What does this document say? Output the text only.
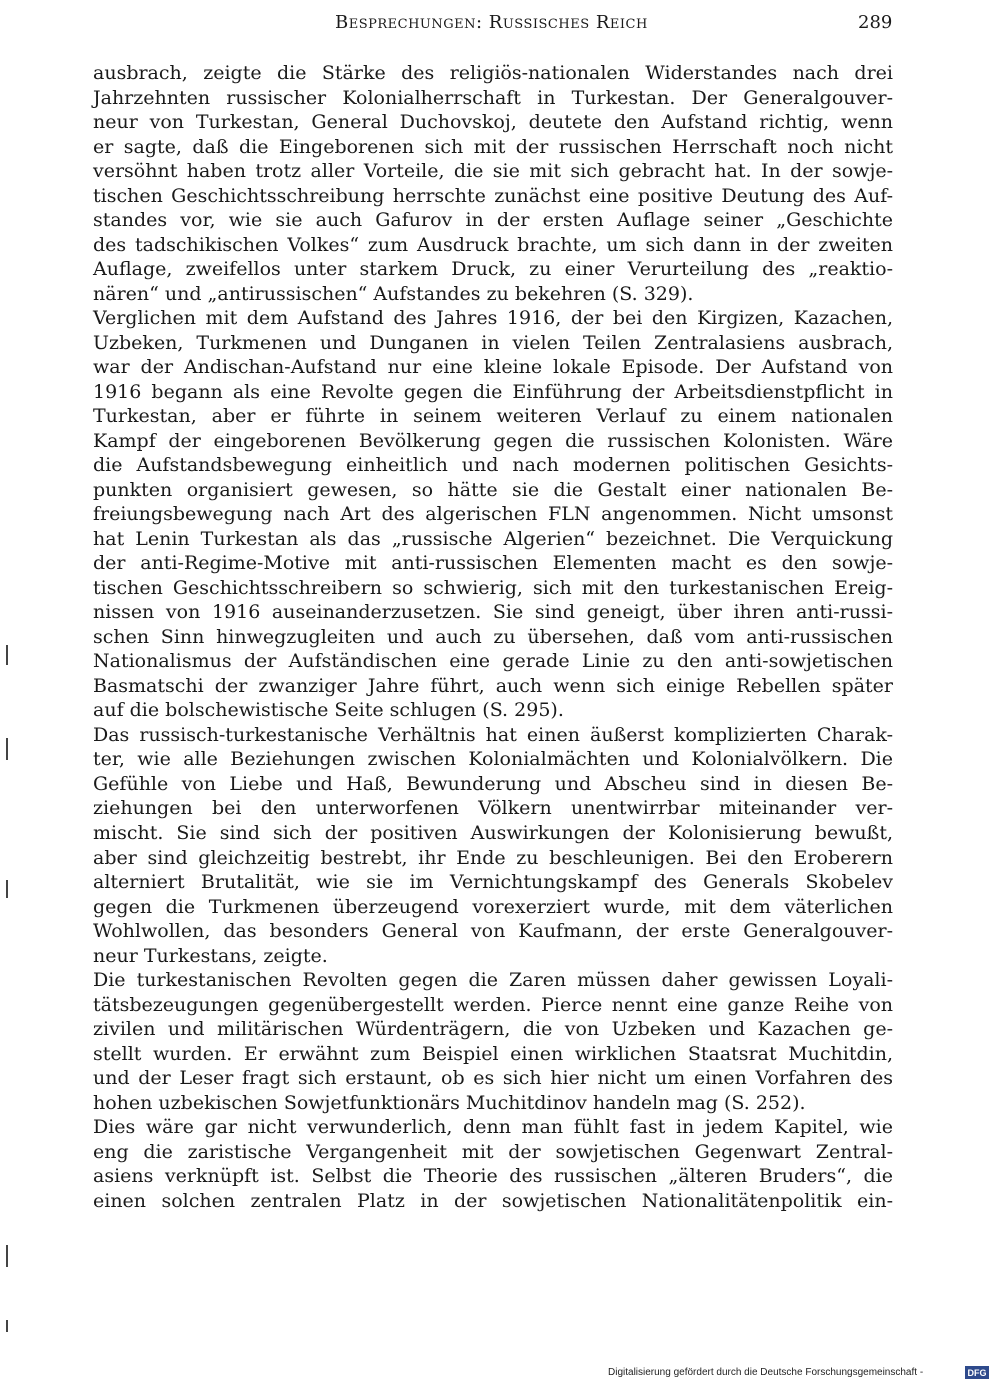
Besprechungen: Russisches Reich	289
ausbrach, zeigte die Stärke des religiös-nationalen Widerstandes nach drei
Jahrzehnten russischer Kolonialherrschaft in Turkestan. Der Generalgouver-
neur von Turkestan, General Duchovskoj, deutete den Aufstand richtig, wenn
er sagte, daß die Eingeborenen sich mit der russischen Herrschaft noch nicht
versöhnt haben trotz aller Vorteile, die sie mit sich gebracht hat. In der sowje-
tischen Geschichtsschreibung herrschte zunächst eine positive Deutung des Auf-
standes vor, wie sie auch Gafurov in der ersten Auflage seiner „Geschichte
des tadschikischen Volkes“ zum Ausdruck brachte, um sich dann in der zweiten
Auflage, zweifellos unter starkem Druck, zu einer Verurteilung des „reaktio-
nären“ und „antirussischen“ Aufstandes zu bekehren (S. 329).
Verglichen mit dem Aufstand des Jahres 1916, der bei den Kirgizen, Kazachen,
Uzbeken, Turkmenen und Dunganen in vielen Teilen Zentralasiens ausbrach,
war der Andischan-Aufstand nur eine kleine lokale Episode. Der Aufstand von
1916 begann als eine Revolte gegen die Einführung der Arbeitsdienstpflicht in
Turkestan, aber er führte in seinem weiteren Verlauf zu einem nationalen
Kampf der eingeborenen Bevölkerung gegen die russischen Kolonisten. Wäre
die Aufstandsbewegung einheitlich und nach modernen politischen Gesichts-
punkten organisiert gewesen, so hätte sie die Gestalt einer nationalen Be-
freiungsbewegung nach Art des algerischen FLN angenommen. Nicht umsonst
hat Lenin Turkestan als das „russische Algerien“ bezeichnet. Die Verquickung
der anti-Regime-Motive mit anti-russischen Elementen macht es den sowje-
tischen Geschichtsschreibern so schwierig, sich mit den turkestanischen Ereig-
nissen von 1916 auseinanderzusetzen. Sie sind geneigt, über ihren anti-russi-
schen Sinn hinwegzugleiten und auch zu übersehen, daß vom anti-russischen
Nationalismus der Aufständischen eine gerade Linie zu den anti-sowjetischen
Basmatschi der zwanziger Jahre führt, auch wenn sich einige Rebellen später
auf die bolschewistische Seite schlugen (S. 295).
Das russisch-turkestanische Verhältnis hat einen äußerst komplizierten Charak-
ter, wie alle Beziehungen zwischen Kolonialmächten und Kolonialvölkern. Die
Gefühle von Liebe und Haß, Bewunderung und Abscheu sind in diesen Be-
ziehungen bei den unterworfenen Völkern unentwirrbar miteinander ver-
mischt. Sie sind sich der positiven Auswirkungen der Kolonisierung bewußt,
aber sind gleichzeitig bestrebt, ihr Ende zu beschleunigen. Bei den Eroberern
alterniert Brutalität, wie sie im Vernichtungskampf des Generals Skobelev
gegen die Turkmenen überzeugend vorexerziert wurde, mit dem väterlichen
Wohlwollen, das besonders General von Kaufmann, der erste Generalgouver-
neur Turkestans, zeigte.
Die turkestanischen Revolten gegen die Zaren müssen daher gewissen Loyali-
tätsbezeugungen gegenübergestellt werden. Pierce nennt eine ganze Reihe von
zivilen und militärischen Würdenträgern, die von Uzbeken und Kazachen ge-
stellt wurden. Er erwähnt zum Beispiel einen wirklichen Staatsrat Muchitdin,
und der Leser fragt sich erstaunt, ob es sich hier nicht um einen Vorfahren des
hohen uzbekischen Sowjetfunktionärs Muchitdinov handeln mag (S. 252).
Dies wäre gar nicht verwunderlich, denn man fühlt fast in jedem Kapitel, wie
eng die zaristische Vergangenheit mit der sowjetischen Gegenwart Zentral-
asiens verknüpft ist. Selbst die Theorie des russischen „älteren Bruders“, die
einen solchen zentralen Platz in der sowjetischen Nationalitätenpolitik ein-
Digitalisierung gefördert durch die Deutsche Forschungsgemeinschaft -	DFG
